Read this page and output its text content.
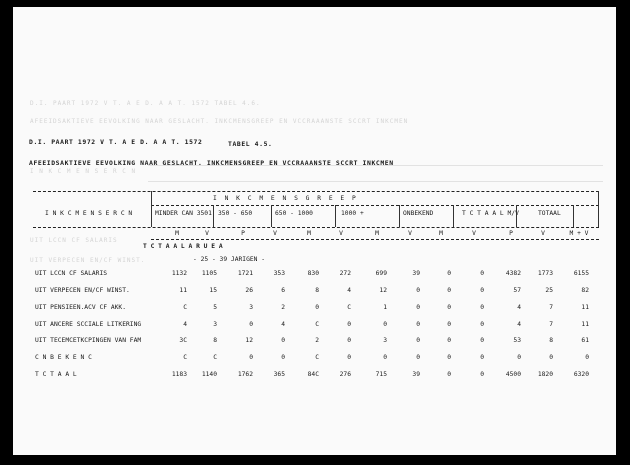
D.I. PAART 1972 V T. A E D. A A T. 1572 TABEL 4.6.
AFEEIDSAKTIEVE EEVOLKING NAAR GESLACHT. INKCMENSGREEP EN VCCRAAANSTE SCCRT INKCMEN
I N K C M E N S E R C N
UIT LCCN CF SALARIS
UIT VERPECEN EN/CF WINST.
D.I. PAART 1972 V T. A E D. A A T. 1572	TABEL 4.5.
AFEEIDSAKTIEVE EEVOLKING NAAR GESLACHT. INKCMENSGREEP EN VCCRAAANSTE SCCRT INKCMEN
I N K C M E N S G R E E P
I N K C M E N S E R C N	MINDER CAN 3501 350 - 650	650 - 1000	1000 +	ONBEKEND	T C T A A L M/V	TOTAAL
M	V	P	V	M	V	M	V	M	V	P	V	M + V
T C T A A L A R U E A
- 25 - 39 JARIGEN -
UIT LCCN CF SALARIS	1132	1105	1721	353	830	272	699	39	0	0	4382	1773	6155
UIT VERPECEN EN/CF WINST.	11	15	26	6	8	4	12	0	0	0	57	25	82
UIT PENSIEEN.ACV CF AKK.	C	5	3	2	0	C	1	0	0	0	4	7	11
UIT ANCERE SCCIALE LITKERING	4	3	0	4	C	0	0	0	0	0	4	7	11
UIT TECEMCETKCPINGEN VAN FAM	3C	8	12	0	2	0	3	0	0	0	53	8	61
C N B E K E N C	C	C	0	0	C	0	0	0	0	0	0	0	0
T C T A A L	1183	1140	1762	365	84C	276	715	39	0	0	4500	1820	6320
